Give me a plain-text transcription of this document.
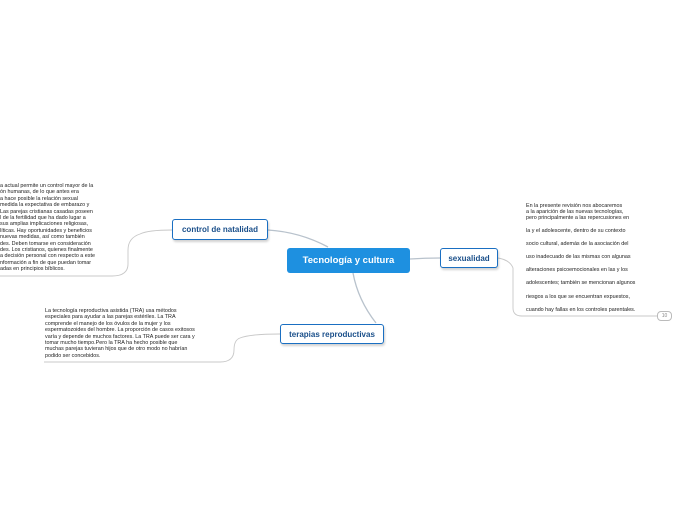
Tecnología y cultura
control de natalidad
terapias reproductivas
sexualidad
a actual permite un control mayor de la
ón humanas, de lo que antes era
a hace posible la relación sexual
medida la expectativa de embarazo y
Las parejas cristianas casadas poseen
l de la fertilidad que ha dado lugar a
sus amplias implicaciones religiosas,
líticas. Hay oportunidades y beneficios
nuevas medidas, así como también
des. Deben tomarse en consideración
des. Los cristianos, quienes finalmente
a decisión personal con respecto a este
nformación a fin de que puedan tomar
adas en principios bíblicos.
La tecnología reproductiva asistida (TRA) usa métodos
especiales para ayudar a las parejas estériles. La TRA
comprende el manejo de los óvulos de la mujer y los
espermatozoides del hombre. La proporción de casos exitosos
varía y depende de muchos factores. La TRA puede ser cara y
tomar mucho tiempo.Pero la TRA ha hecho posible que
muchas parejas tuvieran hijos que de otro modo no habrían
podido ser concebidos.
En la presente revisión nos abocaremos
a la aparición de las nuevas tecnologías,
pero principalmente a las repercusiones en
la y el adolescente, dentro de su contexto
socio cultural, además de la asociación del
uso inadecuado de las mismas con algunas
alteraciones psicoemocionales en las y los
adolescentes; también se mencionan algunos
riesgos a los que se encuentran expuestos,
cuando hay fallas en los controles parentales.
10
